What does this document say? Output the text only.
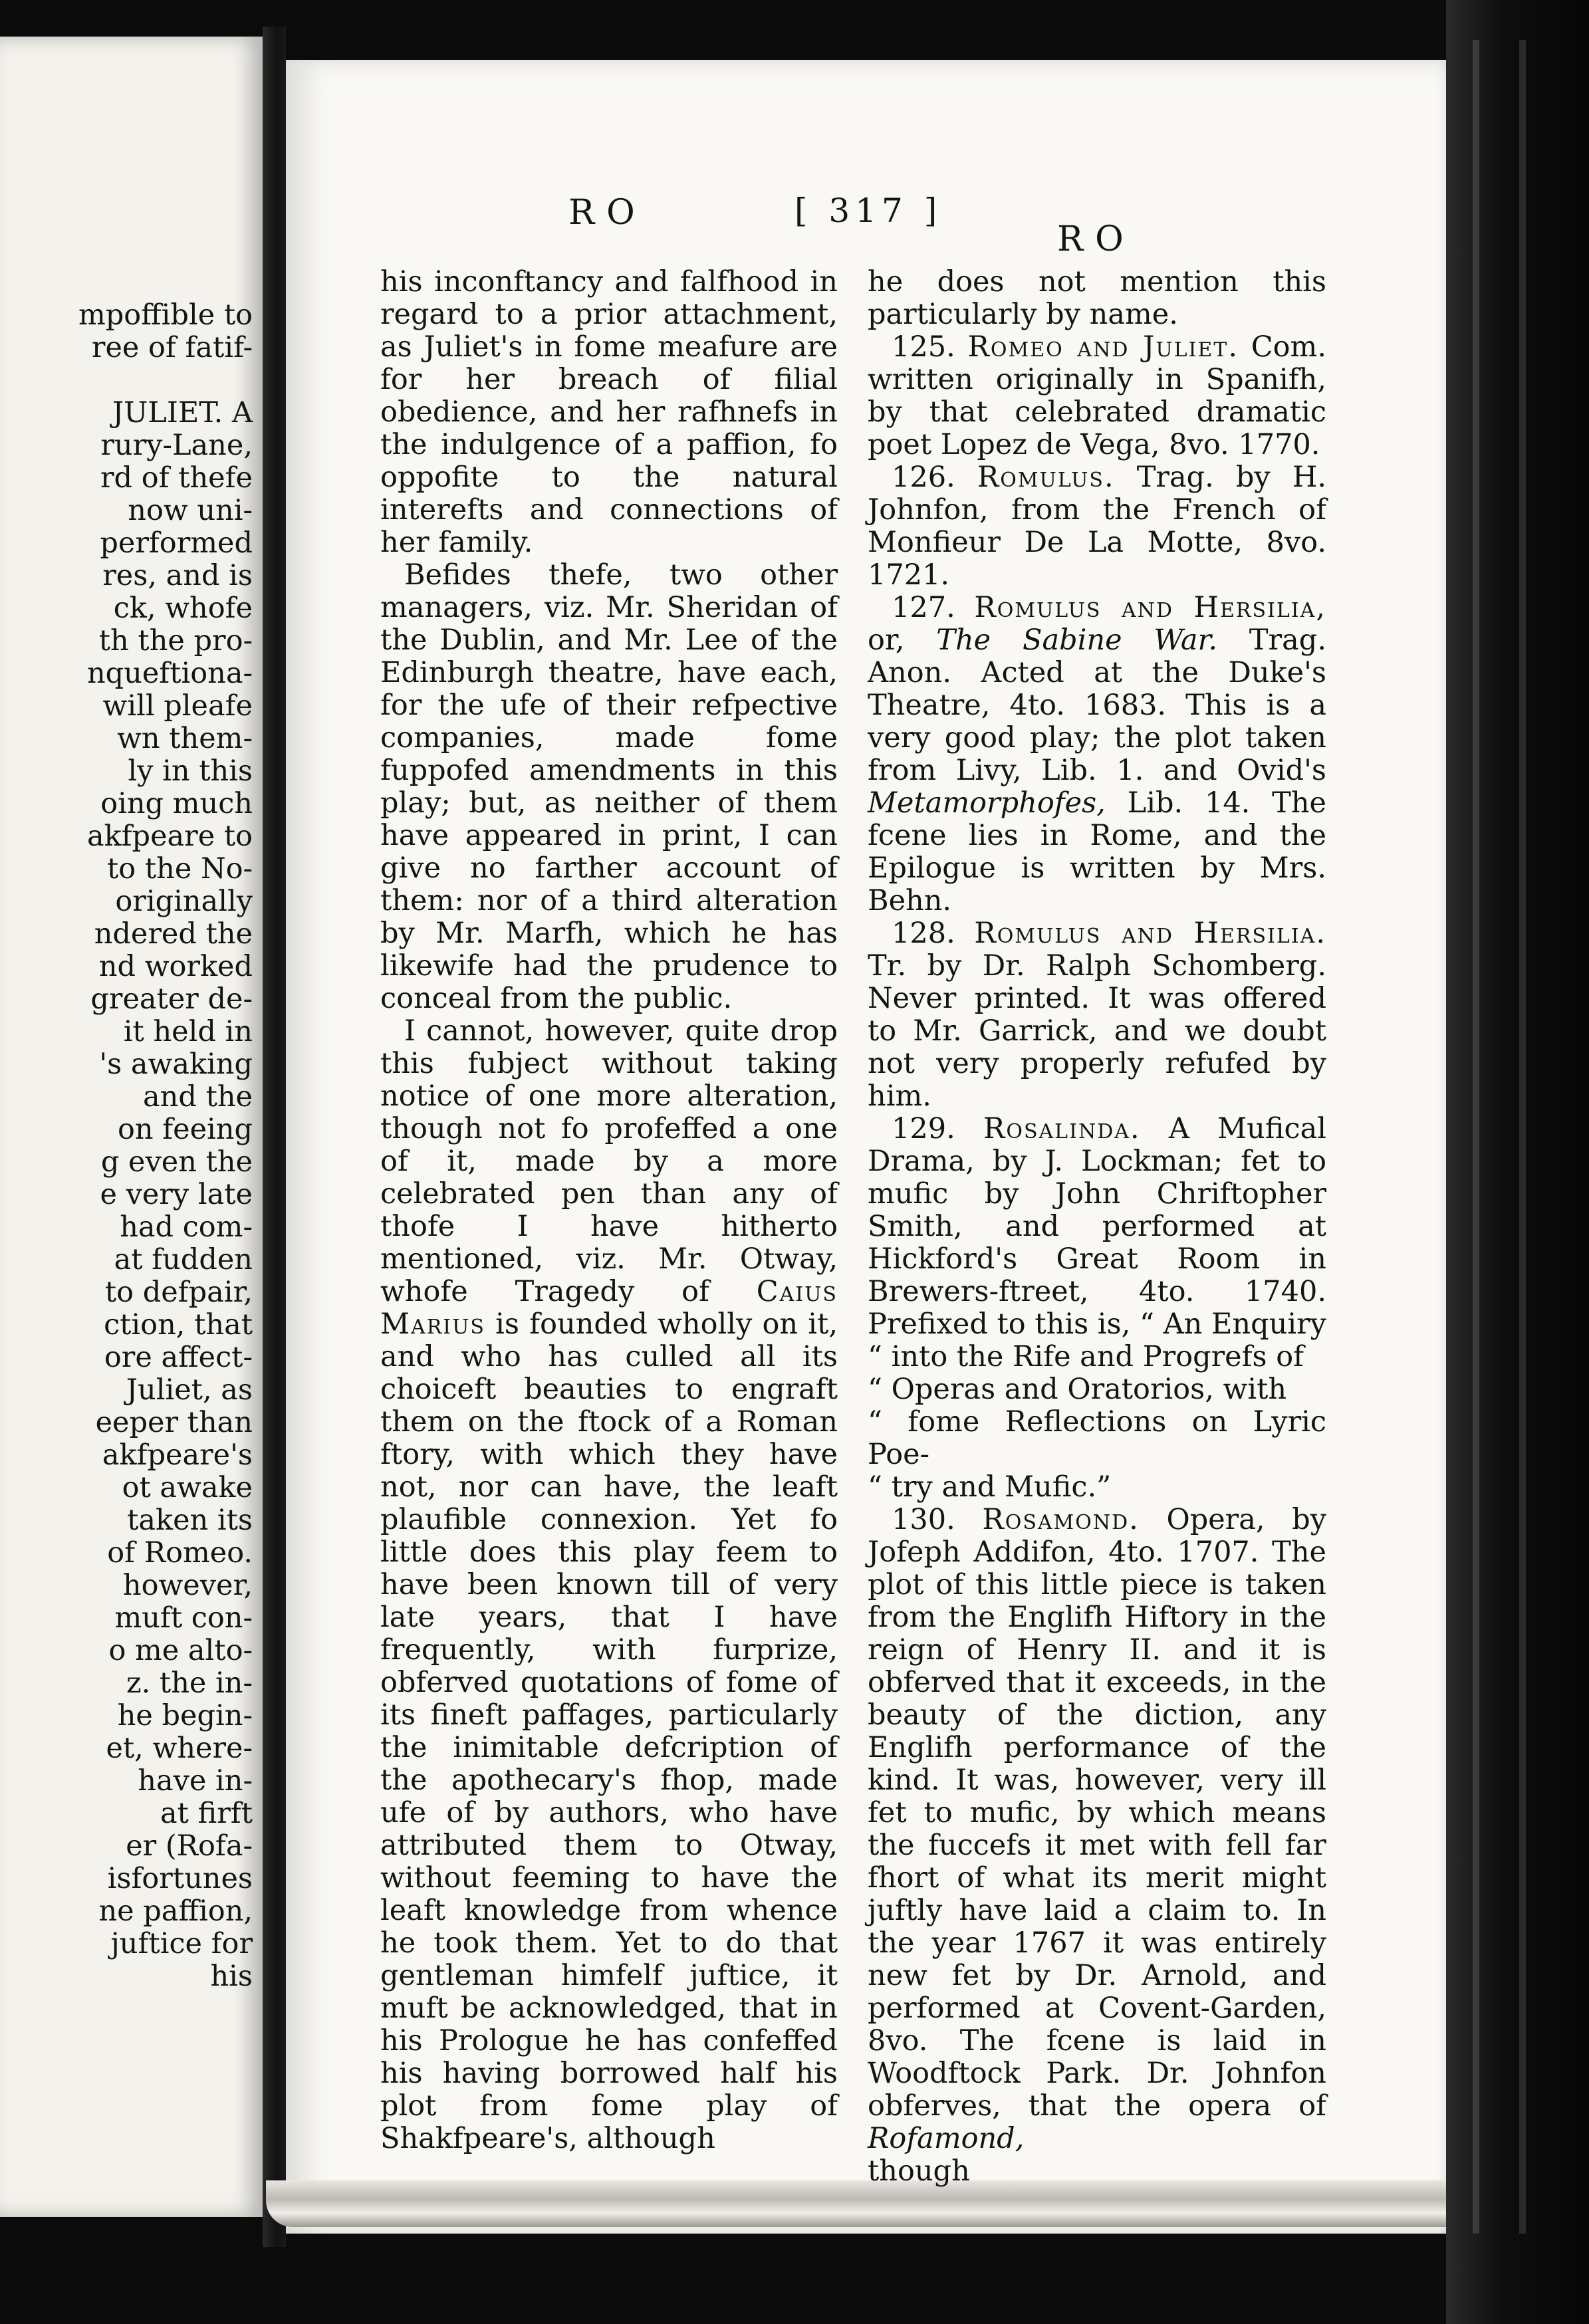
mpoffible to
ree of fatif-
JULIET. A
rury-Lane,
rd of thefe
now uni-
performed
res, and is
ck, whofe
th the pro-
nqueftiona-
will pleafe
wn them-
ly in this
oing much
akfpeare to
to the No-
originally
ndered the
nd worked
greater de-
it held in
's awaking
and the
on feeing
g even the
e very late
had com-
at fudden
to defpair,
ction, that
ore affect-
Juliet, as
eeper than
akfpeare's
ot awake
taken its
of Romeo.
however,
muft con-
o me alto-
z. the in-
he begin-
et, where-
have in-
at firft
er (Rofa-
isfortunes
ne paffion,
juftice for
his
RO	[ 317 ]
RO

his inconftancy and falfhood in regard to a prior attachment, as Juliet's in fome meafure are for her breach of filial obedience, and her rafhnefs in the indulgence of a paffion, fo oppofite to the natural interefts and connections of her family.

Befides thefe, two other managers, viz. Mr. Sheridan of the Dublin, and Mr. Lee of the Edinburgh theatre, have each, for the ufe of their refpective companies, made fome fuppofed amendments in this play; but, as neither of them have appeared in print, I can give no farther account of them: nor of a third alteration by Mr. Marfh, which he has likewife had the prudence to conceal from the public.

I cannot, however, quite drop this fubject without taking notice of one more alteration, though not fo profeffed a one of it, made by a more celebrated pen than any of thofe I have hitherto mentioned, viz. Mr. Otway, whofe Tragedy of Caius Marius is founded wholly on it, and who has culled all its choiceft beauties to engraft them on the ftock of a Roman ftory, with which they have not, nor can have, the leaft plaufible connexion. Yet fo little does this play feem to have been known till of very late years, that I have frequently, with furprize, obferved quotations of fome of its fineft paffages, particularly the inimitable defcription of the apothecary's fhop, made ufe of by authors, who have attributed them to Otway, without feeming to have the leaft knowledge from whence he took them. Yet to do that gentleman himfelf juftice, it muft be acknowledged, that in his Prologue he has confeffed his having borrowed half his plot from fome play of Shakfpeare's, although

he does not mention this particularly by name.

125. Romeo and Juliet. Com. written originally in Spanifh, by that celebrated dramatic poet Lopez de Vega, 8vo. 1770.

126. Romulus. Trag. by H. Johnfon, from the French of Monfieur De La Motte, 8vo. 1721.

127. Romulus and Hersilia, or, The Sabine War. Trag. Anon. Acted at the Duke's Theatre, 4to. 1683. This is a very good play; the plot taken from Livy, Lib. 1. and Ovid's Metamorphofes, Lib. 14. The fcene lies in Rome, and the Epilogue is written by Mrs. Behn.

128. Romulus and Hersilia. Tr. by Dr. Ralph Schomberg. Never printed. It was offered to Mr. Garrick, and we doubt not very properly refufed by him.

129. Rosalinda. A Mufical Drama, by J. Lockman; fet to mufic by John Chriftopher Smith, and performed at Hickford's Great Room in Brewers-ftreet, 4to. 1740. Prefixed to this is, “ An Enquiry

“ into the Rife and Progrefs of

“ Operas and Oratorios, with

“ fome Reflections on Lyric Poe-

“ try and Mufic.”

130. Rosamond. Opera, by Jofeph Addifon, 4to. 1707. The plot of this little piece is taken from the Englifh Hiftory in the reign of Henry II. and it is obferved that it exceeds, in the beauty of the diction, any Englifh performance of the kind. It was, however, very ill fet to mufic, by which means the fuccefs it met with fell far fhort of what its merit might juftly have laid a claim to. In the year 1767 it was entirely new fet by Dr. Arnold, and performed at Covent-Garden, 8vo. The fcene is laid in Woodftock Park. Dr. Johnfon obferves, that the opera of Rofamond,

though
